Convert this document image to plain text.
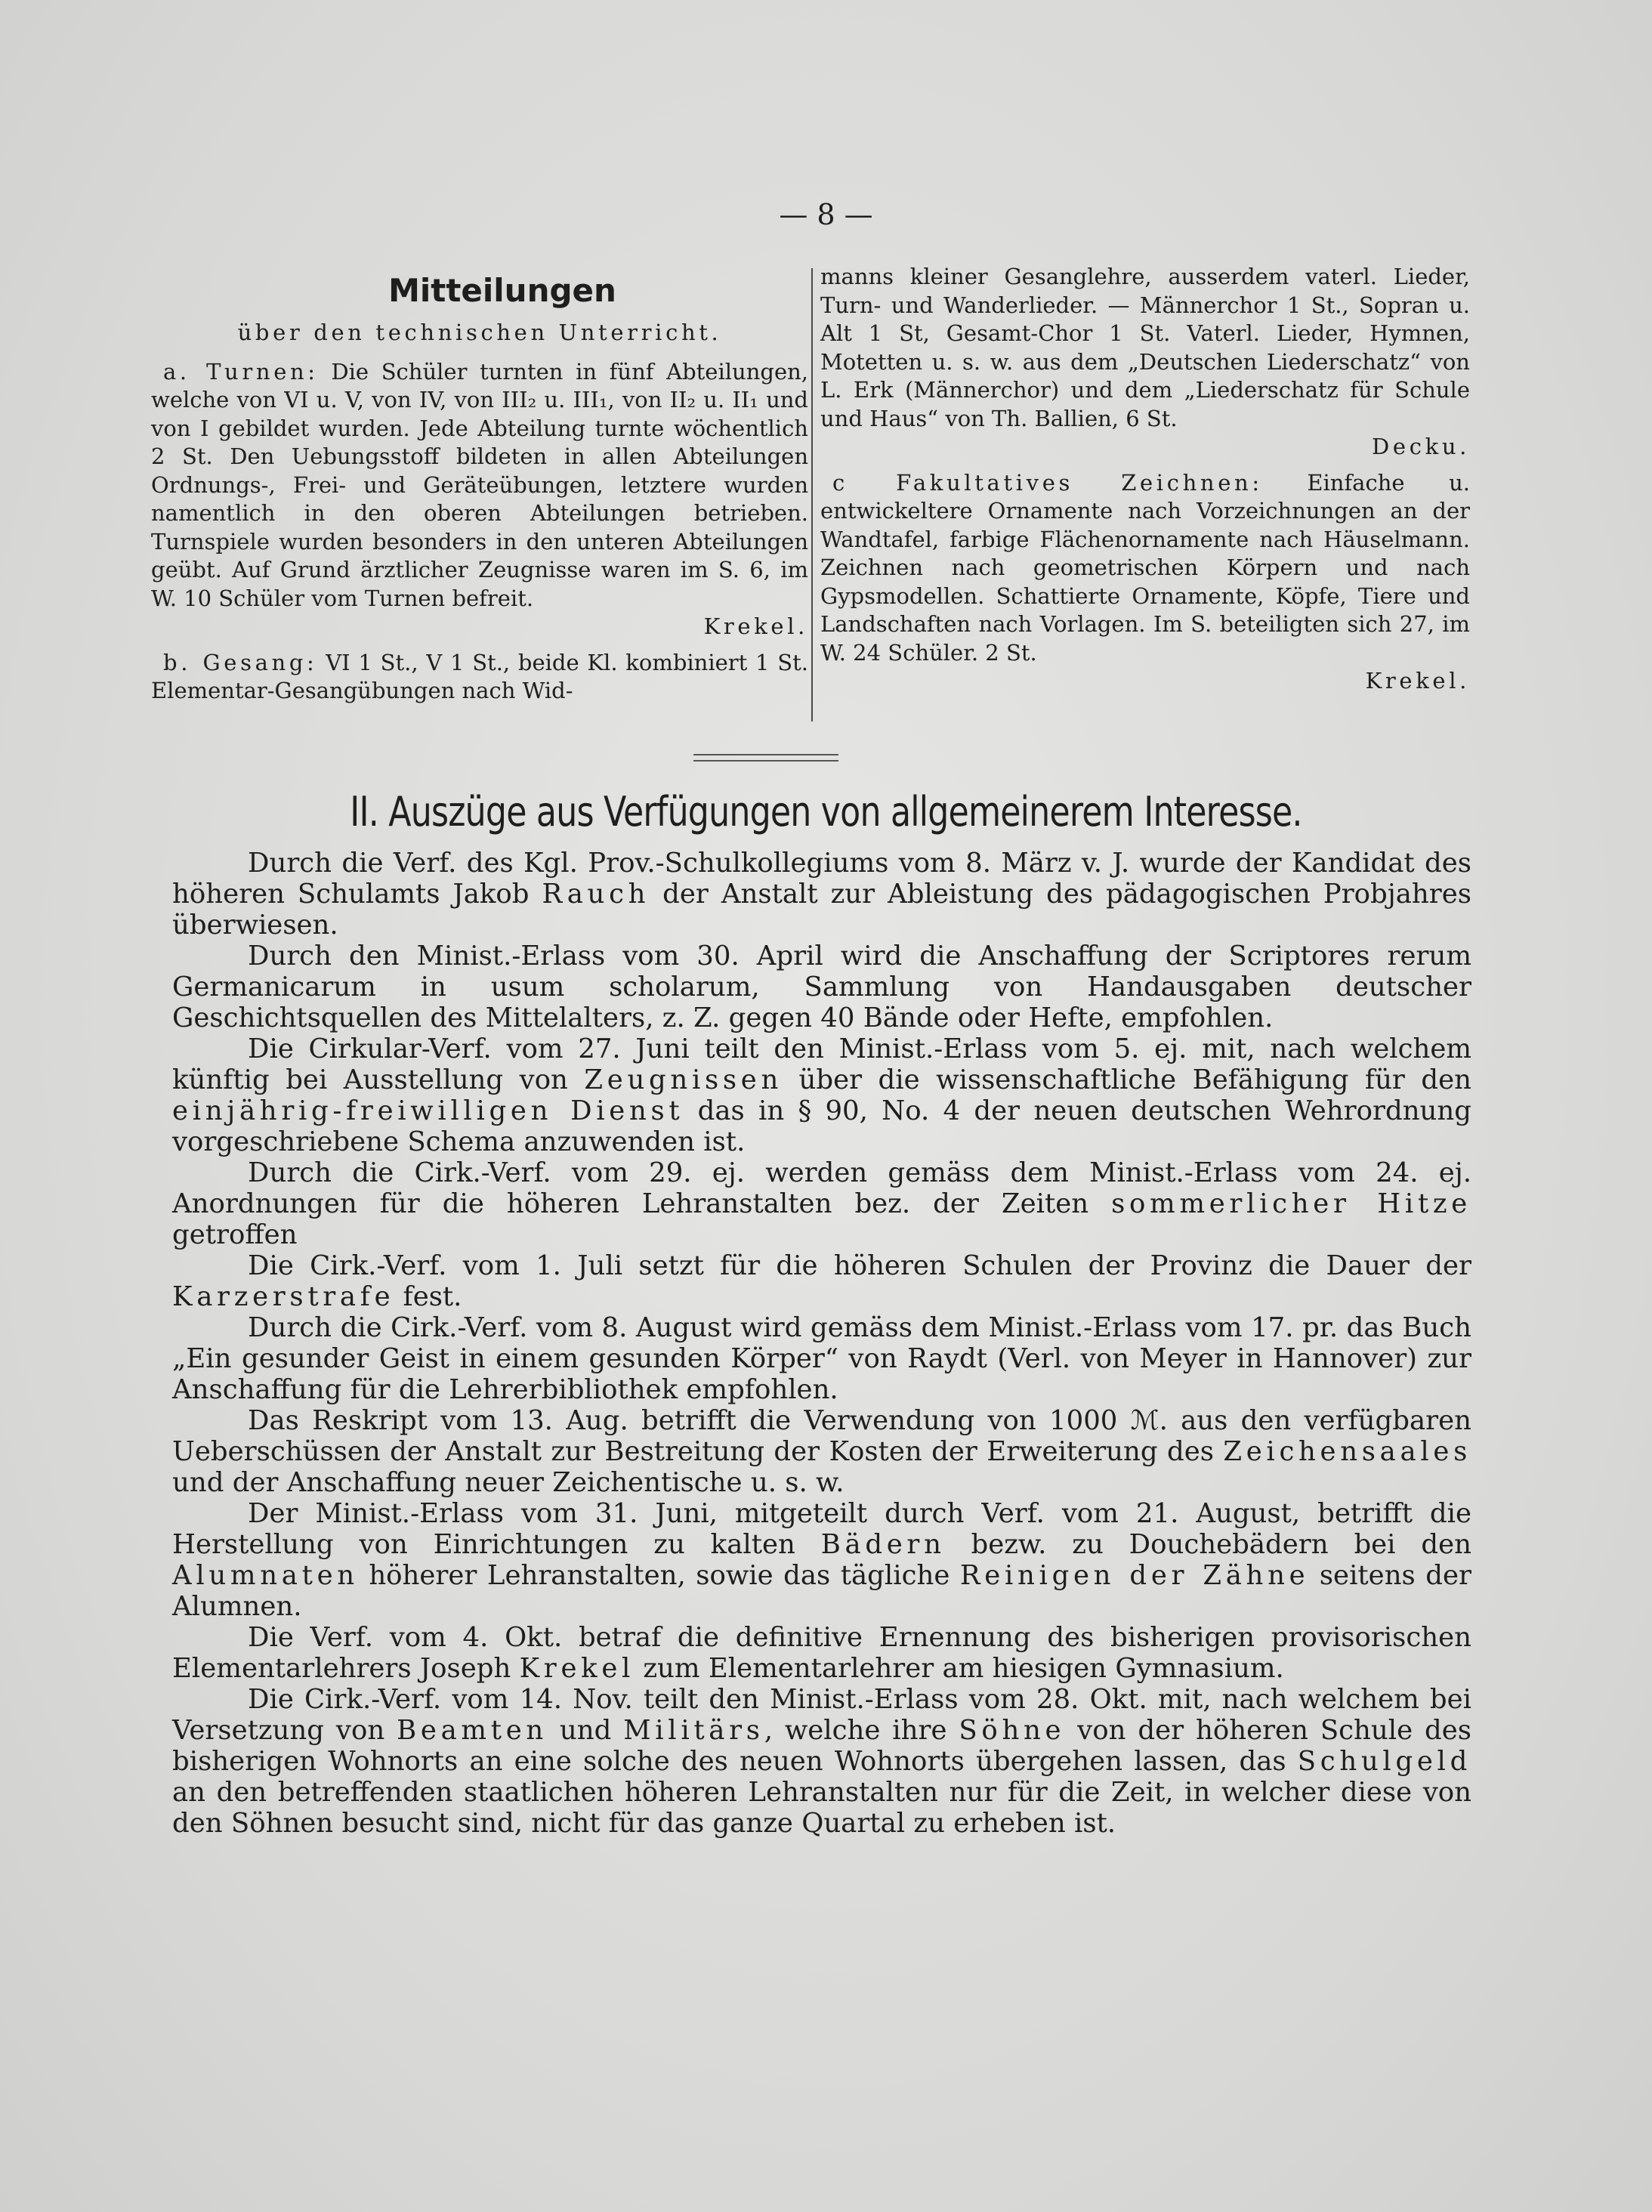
— 8 —
Mitteilungen
über den technischen Unterricht.
a. Turnen: Die Schüler turnten in fünf Abteilungen, welche von VI u. V, von IV, von III₂ u. III₁, von II₂ u. II₁ und von I gebildet wurden. Jede Abteilung turnte wöchentlich 2 St. Den Uebungsstoff bildeten in allen Abteilungen Ordnungs-, Frei- und Geräteübungen, letztere wurden namentlich in den oberen Abteilungen betrieben. Turnspiele wurden besonders in den unteren Abteilungen geübt. Auf Grund ärztlicher Zeugnisse waren im S. 6, im W. 10 Schüler vom Turnen befreit.
Krekel.
b. Gesang: VI 1 St., V 1 St., beide Kl. kombiniert 1 St. Elementar-Gesangübungen nach Wid-
manns kleiner Gesanglehre, ausserdem vaterl. Lieder, Turn- und Wanderlieder. — Männerchor 1 St., Sopran u. Alt 1 St, Gesamt-Chor 1 St. Vaterl. Lieder, Hymnen, Motetten u. s. w. aus dem „Deutschen Liederschatz“ von L. Erk (Männerchor) und dem „Liederschatz für Schule und Haus“ von Th. Ballien, 6 St.
Decku.
c Fakultatives Zeichnen: Einfache u. entwickeltere Ornamente nach Vorzeichnungen an der Wandtafel, farbige Flächenornamente nach Häuselmann. Zeichnen nach geometrischen Körpern und nach Gypsmodellen. Schattierte Ornamente, Köpfe, Tiere und Landschaften nach Vorlagen. Im S. beteiligten sich 27, im W. 24 Schüler. 2 St.
Krekel.
II. Auszüge aus Verfügungen von allgemeinerem Interesse.

Durch die Verf. des Kgl. Prov.-Schulkollegiums vom 8. März v. J. wurde der Kandidat des höheren Schulamts Jakob Rauch der Anstalt zur Ableistung des pädagogischen Probjahres überwiesen.

Durch den Minist.-Erlass vom 30. April wird die Anschaffung der Scriptores rerum Germanicarum in usum scholarum, Sammlung von Handausgaben deutscher Geschichtsquellen des Mittelalters, z. Z. gegen 40 Bände oder Hefte, empfohlen.

Die Cirkular-Verf. vom 27. Juni teilt den Minist.-Erlass vom 5. ej. mit, nach welchem künftig bei Ausstellung von Zeugnissen über die wissenschaftliche Befähigung für den einjährig-freiwilligen Dienst das in § 90, No. 4 der neuen deutschen Wehrordnung vorgeschriebene Schema anzuwenden ist.

Durch die Cirk.-Verf. vom 29. ej. werden gemäss dem Minist.-Erlass vom 24. ej. Anordnungen für die höheren Lehranstalten bez. der Zeiten sommerlicher Hitze getroffen

Die Cirk.-Verf. vom 1. Juli setzt für die höheren Schulen der Provinz die Dauer der Karzerstrafe fest.

Durch die Cirk.-Verf. vom 8. August wird gemäss dem Minist.-Erlass vom 17. pr. das Buch „Ein gesunder Geist in einem gesunden Körper“ von Raydt (Verl. von Meyer in Hannover) zur Anschaffung für die Lehrerbibliothek empfohlen.

Das Reskript vom 13. Aug. betrifft die Verwendung von 1000 ℳ. aus den verfügbaren Ueberschüssen der Anstalt zur Bestreitung der Kosten der Erweiterung des Zeichensaales und der Anschaffung neuer Zeichentische u. s. w.

Der Minist.-Erlass vom 31. Juni, mitgeteilt durch Verf. vom 21. August, betrifft die Herstellung von Einrichtungen zu kalten Bädern bezw. zu Douchebädern bei den Alumnaten höherer Lehranstalten, sowie das tägliche Reinigen der Zähne seitens der Alumnen.

Die Verf. vom 4. Okt. betraf die definitive Ernennung des bisherigen provisorischen Elementarlehrers Joseph Krekel zum Elementarlehrer am hiesigen Gymnasium.

Die Cirk.-Verf. vom 14. Nov. teilt den Minist.-Erlass vom 28. Okt. mit, nach welchem bei Versetzung von Beamten und Militärs, welche ihre Söhne von der höheren Schule des bisherigen Wohnorts an eine solche des neuen Wohnorts übergehen lassen, das Schulgeld an den betreffenden staatlichen höheren Lehranstalten nur für die Zeit, in welcher diese von den Söhnen besucht sind, nicht für das ganze Quartal zu erheben ist.
